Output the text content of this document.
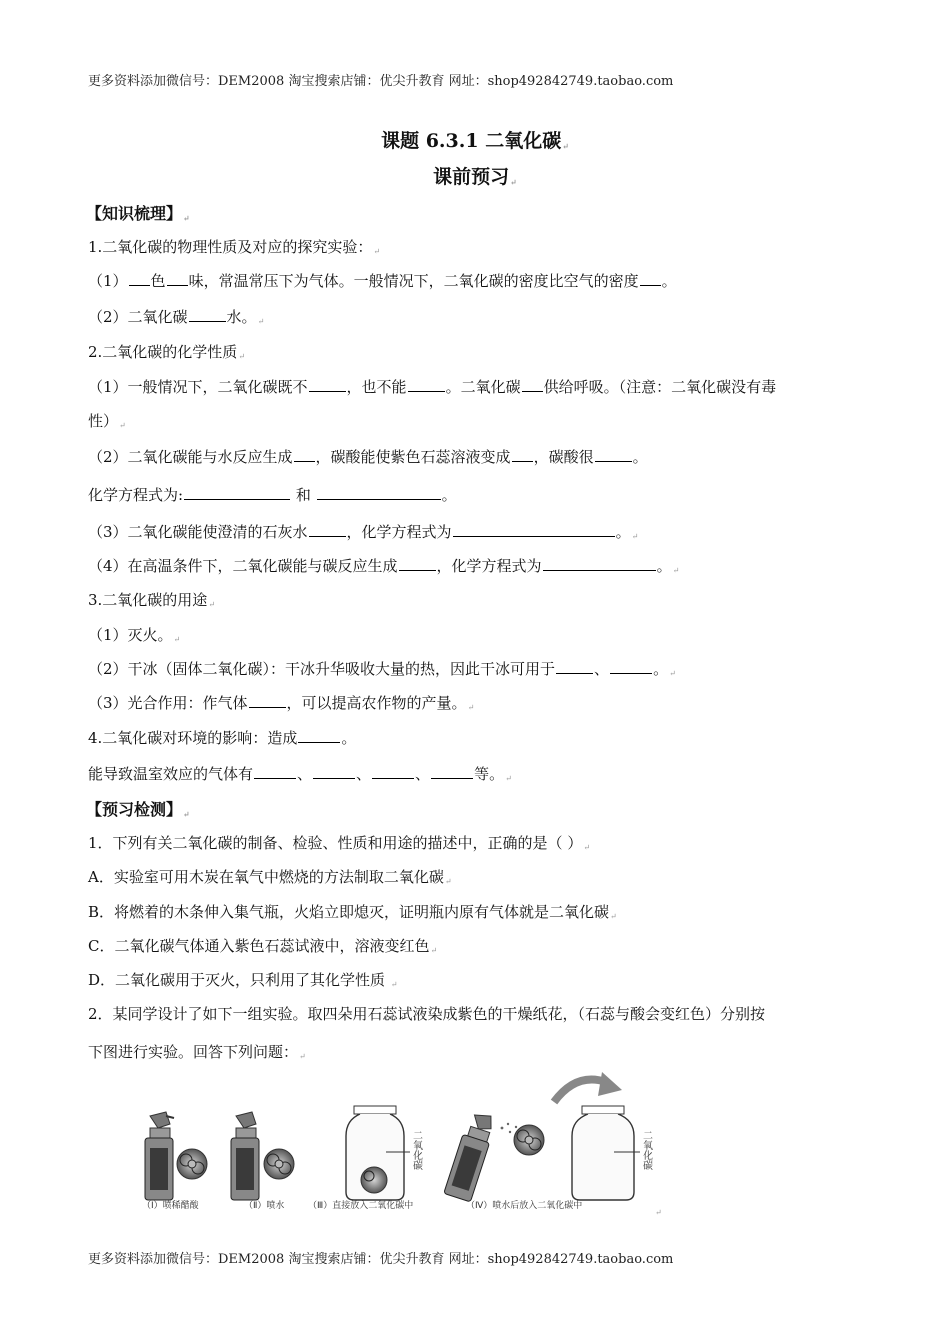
更多资料添加微信号：DEM2008 淘宝搜索店铺：优尖升教育 网址：shop492842749.taobao.com
课题 6.3.1 二氧化碳↵
课前预习↵
【知识梳理】↵
1.二氧化碳的物理性质及对应的探究实验：↵
（1） 色 味，常温常压下为气体。一般情况下，二氧化碳的密度比空气的密度 。
（2）二氧化碳	水。↵
2.二氧化碳的化学性质↵
（1）一般情况下，二氧化碳既不	，也不能	。二氧化碳 供给呼吸。（注意：二氧化碳没有毒
性）↵
（2）二氧化碳能与水反应生成 ，碳酸能使紫色石蕊溶液变成 ，碳酸很	。
化学方程式为:	和	。
（3）二氧化碳能使澄清的石灰水	，化学方程式为	。↵
（4）在高温条件下，二氧化碳能与碳反应生成	，化学方程式为	。↵
3.二氧化碳的用途↵
（1）灭火。↵
（2）干冰（固体二氧化碳）：干冰升华吸收大量的热，因此干冰可用于	、	。↵
（3）光合作用：作气体	，可以提高农作物的产量。↵
4.二氧化碳对环境的影响：造成	。
能导致温室效应的气体有	、	、	、	等。↵
【预习检测】↵
1．下列有关二氧化碳的制备、检验、性质和用途的描述中，正确的是（ ）↵
A．实验室可用木炭在氧气中燃烧的方法制取二氧化碳↵
B．将燃着的木条伸入集气瓶，火焰立即熄灭，证明瓶内原有气体就是二氧化碳↵
C．二氧化碳气体通入紫色石蕊试液中，溶液变红色↵
D．二氧化碳用于灭火，只利用了其化学性质 ↵
2．某同学设计了如下一组实验。取四朵用石蕊试液染成紫色的干燥纸花，（石蕊与酸会变红色）分别按
下图进行实验。回答下列问题：↵
二氧化碳	二氧化碳
（Ⅰ）喷稀醋酸	（Ⅱ）喷水	（Ⅲ）直接放入二氧化碳中	（Ⅳ）喷水后放入二氧化碳中
↵
更多资料添加微信号：DEM2008 淘宝搜索店铺：优尖升教育 网址：shop492842749.taobao.com
